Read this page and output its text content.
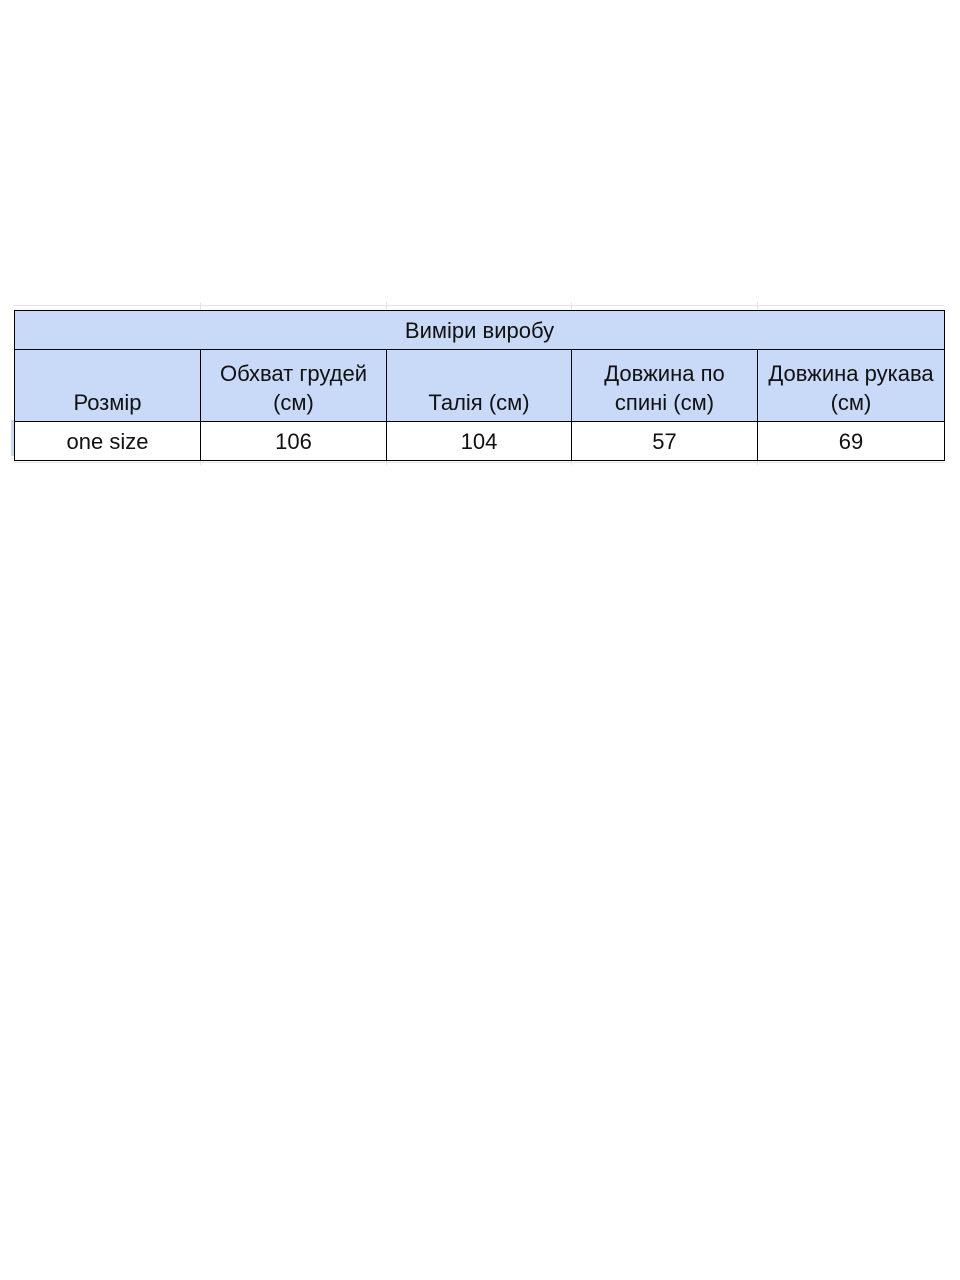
Виміри виробу				
Розмір	Обхват грудей (см)	Талія (см)	Довжина по спині (см)	Довжина рукава (см)
one size	106	104	57	69
